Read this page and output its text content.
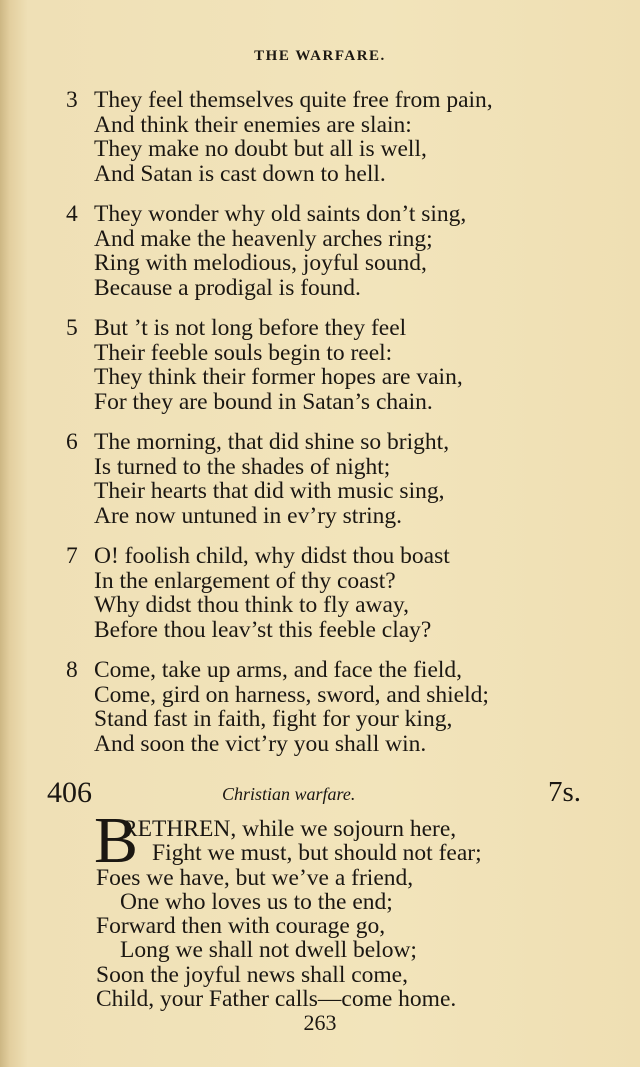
THE WARFARE.
3 They feel themselves quite free from pain,
And think their enemies are slain:
They make no doubt but all is well,
And Satan is cast down to hell.
4 They wonder why old saints don’t sing,
And make the heavenly arches ring;
Ring with melodious, joyful sound,
Because a prodigal is found.
5 But ’t is not long before they feel
Their feeble souls begin to reel:
They think their former hopes are vain,
For they are bound in Satan’s chain.
6 The morning, that did shine so bright,
Is turned to the shades of night;
Their hearts that did with music sing,
Are now untuned in ev’ry string.
7 O! foolish child, why didst thou boast
In the enlargement of thy coast?
Why didst thou think to fly away,
Before thou leav’st this feeble clay?
8 Come, take up arms, and face the field,
Come, gird on harness, sword, and shield;
Stand fast in faith, fight for your king,
And soon the vict’ry you shall win.
406	Christian warfare.	7s.
B
RETHREN, while we sojourn here,
Fight we must, but should not fear;
Foes we have, but we’ve a friend,
One who loves us to the end;
Forward then with courage go,
Long we shall not dwell below;
Soon the joyful news shall come,
Child, your Father calls—come home.
263
